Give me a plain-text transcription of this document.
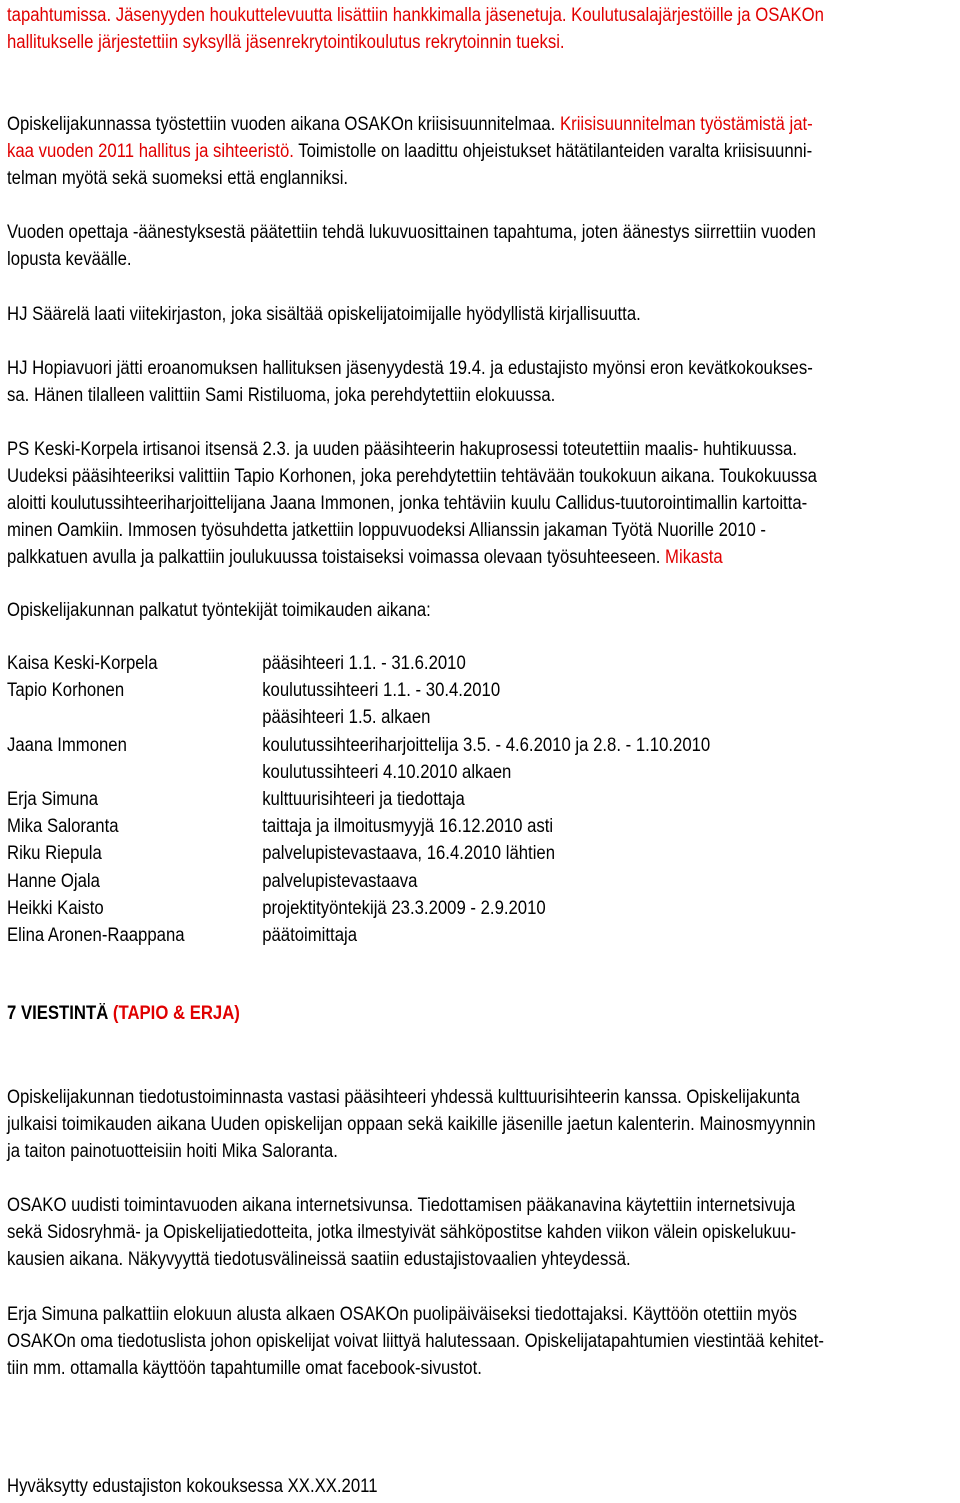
tapahtumissa. Jäsenyyden houkuttelevuutta lisättiin hankkimalla jäsenetuja. Koulutusalajärjestöille ja OSAKOn
hallitukselle järjestettiin syksyllä jäsenrekrytointikoulutus rekrytoinnin tueksi.
Opiskelijakunnassa työstettiin vuoden aikana OSAKOn kriisisuunnitelmaa. Kriisisuunnitelman työstämistä jat-
kaa vuoden 2011 hallitus ja sihteeristö. Toimistolle on laadittu ohjeistukset hätätilanteiden varalta kriisisuunni-
telman myötä sekä suomeksi että englanniksi.
Vuoden opettaja -äänestyksestä päätettiin tehdä lukuvuosittainen tapahtuma, joten äänestys siirrettiin vuoden
lopusta keväälle.
HJ Säärelä laati viitekirjaston, joka sisältää opiskelijatoimijalle hyödyllistä kirjallisuutta.
HJ Hopiavuori jätti eroanomuksen hallituksen jäsenyydestä 19.4. ja edustajisto myönsi eron kevätkokoukses-
sa. Hänen tilalleen valittiin Sami Ristiluoma, joka perehdytettiin elokuussa.
PS Keski-Korpela irtisanoi itsensä 2.3. ja uuden pääsihteerin hakuprosessi toteutettiin maalis- huhtikuussa.
Uudeksi pääsihteeriksi valittiin Tapio Korhonen, joka perehdytettiin tehtävään toukokuun aikana. Toukokuussa
aloitti koulutussihteeriharjoittelijana Jaana Immonen, jonka tehtäviin kuulu Callidus-tuutorointimallin kartoitta-
minen Oamkiin. Immosen työsuhdetta jatkettiin loppuvuodeksi Allianssin jakaman Työtä Nuorille 2010 -
palkkatuen avulla ja palkattiin joulukuussa toistaiseksi voimassa olevaan työsuhteeseen. Mikasta
Opiskelijakunnan palkatut työntekijät toimikauden aikana:
Kaisa Keski-Korpela	pääsihteeri 1.1. - 31.6.2010
Tapio Korhonen	koulutussihteeri 1.1. - 30.4.2010
pääsihteeri 1.5. alkaen
Jaana Immonen	koulutussihteeriharjoittelija 3.5. - 4.6.2010 ja 2.8. - 1.10.2010
koulutussihteeri 4.10.2010 alkaen
Erja Simuna	kulttuurisihteeri ja tiedottaja
Mika Saloranta	taittaja ja ilmoitusmyyjä 16.12.2010 asti
Riku Riepula	palvelupistevastaava, 16.4.2010 lähtien
Hanne Ojala	palvelupistevastaava
Heikki Kaisto	projektityöntekijä 23.3.2009 - 2.9.2010
Elina Aronen-Raappana	päätoimittaja
7 VIESTINTÄ (TAPIO & ERJA)
Opiskelijakunnan tiedotustoiminnasta vastasi pääsihteeri yhdessä kulttuurisihteerin kanssa. Opiskelijakunta
julkaisi toimikauden aikana Uuden opiskelijan oppaan sekä kaikille jäsenille jaetun kalenterin. Mainosmyynnin
ja taiton painotuotteisiin hoiti Mika Saloranta.
OSAKO uudisti toimintavuoden aikana internetsivunsa. Tiedottamisen pääkanavina käytettiin internetsivuja
sekä Sidosryhmä- ja Opiskelijatiedotteita, jotka ilmestyivät sähköpostitse kahden viikon välein opiskelukuu-
kausien aikana. Näkyvyyttä tiedotusvälineissä saatiin edustajistovaalien yhteydessä.
Erja Simuna palkattiin elokuun alusta alkaen OSAKOn puolipäiväiseksi tiedottajaksi. Käyttöön otettiin myös
OSAKOn oma tiedotuslista johon opiskelijat voivat liittyä halutessaan. Opiskelijatapahtumien viestintää kehitet-
tiin mm. ottamalla käyttöön tapahtumille omat facebook-sivustot.
Hyväksytty edustajiston kokouksessa XX.XX.2011
